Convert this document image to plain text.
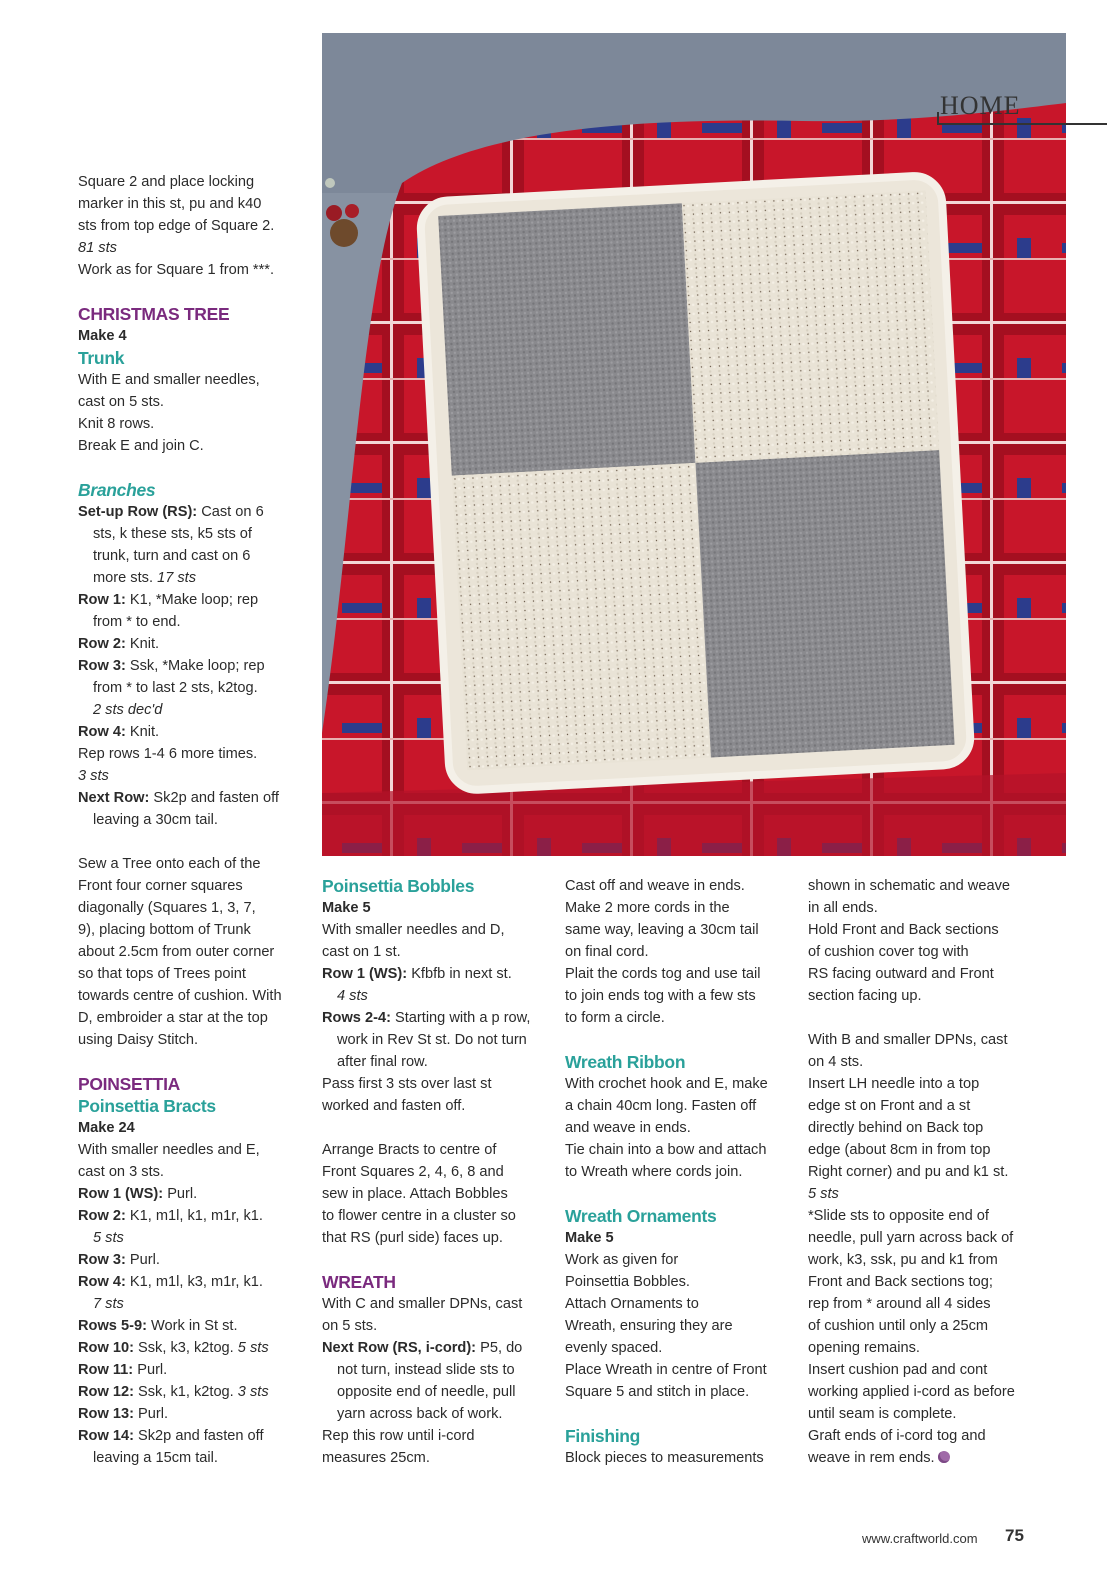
HOME

Square 2 and place locking

marker in this st, pu and k40

sts from top edge of Square 2.

81 sts

Work as for Square 1 from ***.

CHRISTMAS TREE

Make 4

Trunk

With E and smaller needles,

cast on 5 sts.

Knit 8 rows.

Break E and join C.

Branches

Set-up Row (RS): Cast on 6

sts, k these sts, k5 sts of

trunk, turn and cast on 6

more sts. 17 sts

Row 1: K1, *Make loop; rep

from * to end.

Row 2: Knit.

Row 3: Ssk, *Make loop; rep

from * to last 2 sts, k2tog.

2 sts dec'd

Row 4: Knit.

Rep rows 1-4 6 more times.

3 sts

Next Row: Sk2p and fasten off

leaving a 30cm tail.

Sew a Tree onto each of the

Front four corner squares

diagonally (Squares 1, 3, 7,

9), placing bottom of Trunk

about 2.5cm from outer corner

so that tops of Trees point

towards centre of cushion. With

D, embroider a star at the top

using Daisy Stitch.

POINSETTIA

Poinsettia Bracts

Make 24

With smaller needles and E,

cast on 3 sts.

Row 1 (WS): Purl.

Row 2: K1, m1l, k1, m1r, k1.

5 sts

Row 3: Purl.

Row 4: K1, m1l, k3, m1r, k1.

7 sts

Rows 5-9: Work in St st.

Row 10: Ssk, k3, k2tog. 5 sts

Row 11: Purl.

Row 12: Ssk, k1, k2tog. 3 sts

Row 13: Purl.

Row 14: Sk2p and fasten off

leaving a 15cm tail.

Poinsettia Bobbles

Make 5

With smaller needles and D,

cast on 1 st.

Row 1 (WS): Kfbfb in next st.

4 sts

Rows 2-4: Starting with a p row,

work in Rev St st. Do not turn

after final row.

Pass first 3 sts over last st

worked and fasten off.

Arrange Bracts to centre of

Front Squares 2, 4, 6, 8 and

sew in place. Attach Bobbles

to flower centre in a cluster so

that RS (purl side) faces up.

WREATH

With C and smaller DPNs, cast

on 5 sts.

Next Row (RS, i-cord): P5, do

not turn, instead slide sts to

opposite end of needle, pull

yarn across back of work.

Rep this row until i-cord

measures 25cm.

Cast off and weave in ends.

Make 2 more cords in the

same way, leaving a 30cm tail

on final cord.

Plait the cords tog and use tail

to join ends tog with a few sts

to form a circle.

Wreath Ribbon

With crochet hook and E, make

a chain 40cm long. Fasten off

and weave in ends.

Tie chain into a bow and attach

to Wreath where cords join.

Wreath Ornaments

Make 5

Work as given for

Poinsettia Bobbles.

Attach Ornaments to

Wreath, ensuring they are

evenly spaced.

Place Wreath in centre of Front

Square 5 and stitch in place.

Finishing

Block pieces to measurements

shown in schematic and weave

in all ends.

Hold Front and Back sections

of cushion cover tog with

RS facing outward and Front

section facing up.

With B and smaller DPNs, cast

on 4 sts.

Insert LH needle into a top

edge st on Front and a st

directly behind on Back top

edge (about 8cm in from top

Right corner) and pu and k1 st.

5 sts

*Slide sts to opposite end of

needle, pull yarn across back of

work, k3, ssk, pu and k1 from

Front and Back sections tog;

rep from * around all 4 sides

of cushion until only a 25cm

opening remains.

Insert cushion pad and cont

working applied i-cord as before

until seam is complete.

Graft ends of i-cord tog and

weave in rem ends.

www.craftworld.com 75
